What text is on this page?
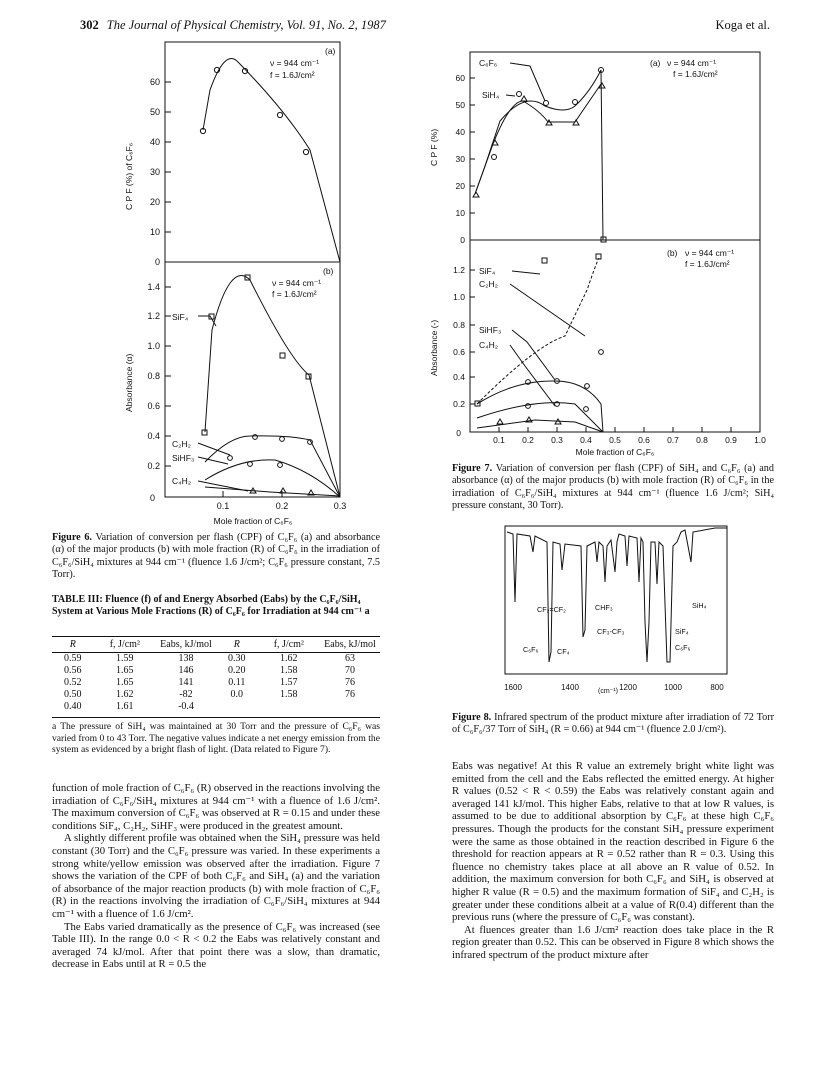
302 The Journal of Physical Chemistry, Vol. 91, No. 2, 1987	Koga et al.
60
50
40
30
20
10
0
(a)
ν = 944 cm⁻¹
f = 1.6J/cm²
C P F (%) of C₆F₆
1.4
1.2
1.0
0.8
0.6
0.4
0.2
0
0.1	0.2	0.3
Mole fraction of C₆F₆
(b)
ν = 944 cm⁻¹
f = 1.6J/cm²
Absorbance (α)
SiF₄
C₂H₂
SiHF₃
C₄H₂
Figure 6. Variation of conversion per flash (CPF) of C₆F₆ (a) and absorbance (α) of the major products (b) with mole fraction (R) of C₆F₆ in the irradiation of C₆F₆/SiH₄ mixtures at 944 cm⁻¹ (fluence 1.6 J/cm²; C₆F₆ pressure constant, 7.5 Torr).
TABLE III: Fluence (f) of and Energy Absorbed (Eabs) by the C₆F₆/SiH₄ System at Various Mole Fractions (R) of C₆F₆ for Irradiation at 944 cm⁻¹ a
R	f, J/cm²	Eabs, kJ/mol	R	f, J/cm²	Eabs, kJ/mol
0.59	1.59	138	0.30	1.62	63
0.56	1.65	146	0.20	1.58	70
0.52	1.65	141	0.11	1.57	76
0.50	1.62	-82	0.0	1.58	76
0.40	1.61	-0.4			
a The pressure of SiH₄ was maintained at 30 Torr and the pressure of C₆F₆ was varied from 0 to 43 Torr. The negative values indicate a net energy emission from the system as evidenced by a bright flash of light. (Data related to Figure 7).

function of mole fraction of C₆F₆ (R) observed in the reactions involving the irradiation of C₆F₆/SiH₄ mixtures at 944 cm⁻¹ with a fluence of 1.6 J/cm². The maximum conversion of C₆F₆ was observed at R = 0.15 and under these conditions SiF₄, C₂H₂, SiHF₃ were produced in the greatest amount.

A slightly different profile was obtained when the SiH₄ pressure was held constant (30 Torr) and the C₆F₆ pressure was varied. In these experiments a strong white/yellow emission was observed after the irradiation. Figure 7 shows the variation of the CPF of both C₆F₆ and SiH₄ (a) and the variation of absorbance of the major reaction products (b) with mole fraction of C₆F₆ (R) in the reactions involving the irradiation of C₆F₆/SiH₄ mixtures at 944 cm⁻¹ with a fluence of 1.6 J/cm².

The Eabs varied dramatically as the presence of C₆F₆ was increased (see Table III). In the range 0.0 < R < 0.2 the Eabs was relatively constant and averaged 74 kJ/mol. After that point there was a slow, than dramatic, decrease in Eabs until at R = 0.5 the

60
50
40
30
20
10
0
(a) ν = 944 cm⁻¹
f = 1.6J/cm²
C P F (%)
C₆F₆
SiH₄
1.2
1.0
0.8
0.6
0.4
0.2
0
0.1 0.2 0.3 0.4 0.5 0.6 0.7 0.8 0.9 1.0
Mole fraction of C₆F₆
(b) ν = 944 cm⁻¹
f = 1.6J/cm²
Absorbance (-)
SiF₄
C₂H₂
SiHF₃
C₄H₂
Figure 7. Variation of conversion per flash (CPF) of SiH₄ and C₆F₆ (a) and absorbance (α) of the major products (b) with mole fraction (R) of C₆F₆ in the irradiation of C₆F₆/SiH₄ mixtures at 944 cm⁻¹ (fluence 1.6 J/cm²; SiH₄ pressure constant, 30 Torr).
1600	1400	1200	1000	800
(cm⁻¹)
CF₂=CF₂	CHF₃	SiH₄
CF₃-CF₃	SiF₄
C₆F₆	CF₄	C₆F₆
Figure 8. Infrared spectrum of the product mixture after irradiation of 72 Torr of C₆F₆/37 Torr of SiH₄ (R = 0.66) at 944 cm⁻¹ (fluence 2.0 J/cm²).

Eabs was negative! At this R value an extremely bright white light was emitted from the cell and the Eabs reflected the emitted energy. At higher R values (0.52 < R < 0.59) the Eabs was relatively constant again and averaged 141 kJ/mol. This higher Eabs, relative to that at low R values, is assumed to be due to additional absorption by C₆F₆ at these high C₆F₆ pressures. Though the products for the constant SiH₄ pressure experiment were the same as those obtained in the reaction described in Figure 6 the threshold for reaction appears at R = 0.52 rather than R = 0.3. Using this fluence no chemistry takes place at all above an R value of 0.52. In addition, the maximum conversion for both C₆F₆ and SiH₄ is observed at higher R value (R = 0.5) and the maximum formation of SiF₄ and C₂H₂ is greater under these conditions albeit at a value of R(0.4) different than the previous runs (where the pressure of C₆F₆ was constant).

At fluences greater than 1.6 J/cm² reaction does take place in the R region greater than 0.52. This can be observed in Figure 8 which shows the infrared spectrum of the product mixture after
